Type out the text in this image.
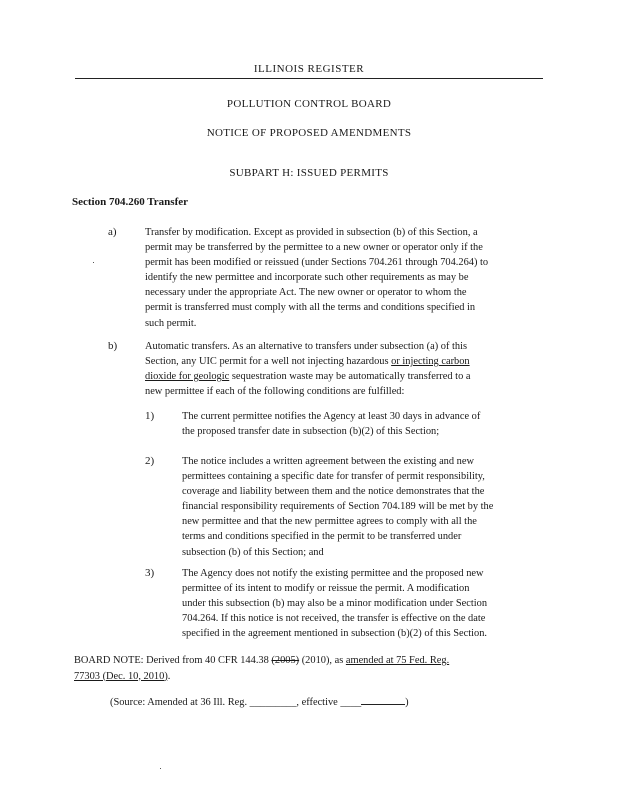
ILLINOIS REGISTER
POLLUTION CONTROL BOARD
NOTICE OF PROPOSED AMENDMENTS
SUBPART H: ISSUED PERMITS
Section 704.260 Transfer
a)	Transfer by modification. Except as provided in subsection (b) of this Section, a
permit may be transferred by the permittee to a new owner or operator only if the
permit has been modified or reissued (under Sections 704.261 through 704.264) to
identify the new permittee and incorporate such other requirements as may be
necessary under the appropriate Act. The new owner or operator to whom the
permit is transferred must comply with all the terms and conditions specified in
such permit.
b)	Automatic transfers. As an alternative to transfers under subsection (a) of this
Section, any UIC permit for a well not injecting hazardous or injecting carbon
dioxide for geologic sequestration waste may be automatically transferred to a
new permittee if each of the following conditions are fulfilled:
1)	The current permittee notifies the Agency at least 30 days in advance of
the proposed transfer date in subsection (b)(2) of this Section;
2)	The notice includes a written agreement between the existing and new
permittees containing a specific date for transfer of permit responsibility,
coverage and liability between them and the notice demonstrates that the
financial responsibility requirements of Section 704.189 will be met by the
new permittee and that the new permittee agrees to comply with all the
terms and conditions specified in the permit to be transferred under
subsection (b) of this Section; and
3)	The Agency does not notify the existing permittee and the proposed new
permittee of its intent to modify or reissue the permit. A modification
under this subsection (b) may also be a minor modification under Section
704.264. If this notice is not received, the transfer is effective on the date
specified in the agreement mentioned in subsection (b)(2) of this Section.
BOARD NOTE: Derived from 40 CFR 144.38 (2005) (2010), as amended at 75 Fed. Reg.
77303 (Dec. 10, 2010).
(Source: Amended at 36 Ill. Reg. _________, effective ____	)
